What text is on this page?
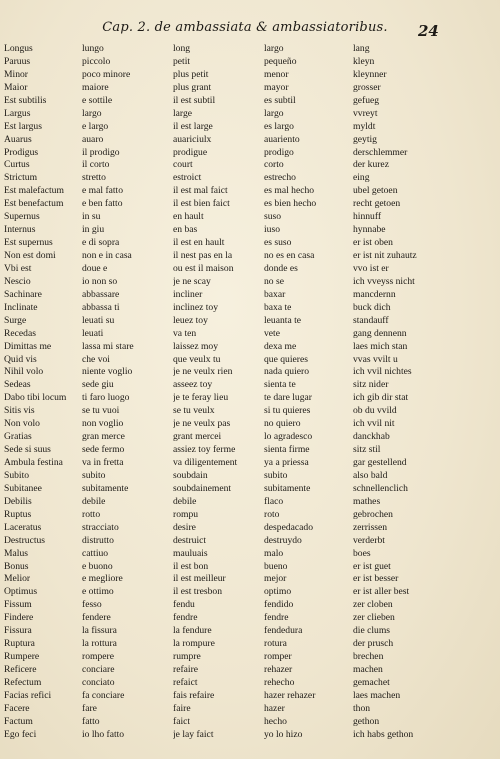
Cap. 2. de ambassiata & ambassiatoribus.	24
Longus	lungo	long	largo	lang
Paruus	piccolo	petit	pequeño	kleyn
Minor	poco minore	plus petit	menor	kleynner
Maior	maiore	plus grant	mayor	grosser
Est subtilis	e sottile	il est subtil	es subtil	gefueg
Largus	largo	large	largo	vvreyt
Est largus	e largo	il est large	es largo	myldt
Auarus	auaro	auariciulx	auariento	geytig
Prodigus	il prodigo	prodigue	prodigo	derschlemmer
Curtus	il corto	court	corto	der kurez
Strictum	stretto	estroict	estrecho	eing
Est malefactum	e mal fatto	il est mal faict	es mal hecho	ubel getoen
Est benefactum	e ben fatto	il est bien faict	es bien hecho	recht getoen
Supernus	in su	en hault	suso	hinnuff
Internus	in giu	en bas	iuso	hynnabe
Est supernus	e di sopra	il est en hault	es suso	er ist oben
Non est domi	non e in casa	il nest pas en la	no es en casa	er ist nit zuhautz
Vbi est	doue e	ou est il maison	donde es	vvo ist er
Nescio	io non so	je ne scay	no se	ich vveyss nicht
Sachinare	abbassare	incliner	baxar	mancdernn
Inclinate	abbassa ti	inclinez toy	baxa te	buck dich
Surge	leuati su	leuez toy	leuanta te	standauff
Recedas	leuati	va ten	vete	gang dennenn
Dimittas me	lassa mi stare	laissez moy	dexa me	laes mich stan
Quid vis	che voi	que veulx tu	que quieres	vvas vvilt u
Nihil volo	niente voglio	je ne veulx rien	nada quiero	ich vvil nichtes
Sedeas	sede giu	asseez toy	sienta te	sitz nider
Dabo tibi locum	ti faro luogo	je te feray lieu	te dare lugar	ich gib dir stat
Sitis vis	se tu vuoi	se tu veulx	si tu quieres	ob du vvild
Non volo	non voglio	je ne veulx pas	no quiero	ich vvil nit
Gratias	gran merce	grant mercei	lo agradesco	danckhab
Sede si suus	sede fermo	assiez toy ferme	sienta firme	sitz stil
Ambula festina	va in fretta	va diligentement	ya a priessa	gar gestellend
Subito	subito	soubdain	subito	also bald
Subitanee	subitamente	soubdainement	subitamente	schnellenclich
Debilis	debile	debile	flaco	mathes
Ruptus	rotto	rompu	roto	gebrochen
Laceratus	stracciato	desire	despedacado	zerrissen
Destructus	distrutto	destruict	destruydo	verderbt
Malus	cattiuo	mauluais	malo	boes
Bonus	e buono	il est bon	bueno	er ist guet
Melior	e megliore	il est meilleur	mejor	er ist besser
Optimus	e ottimo	il est tresbon	optimo	er ist aller best
Fissum	fesso	fendu	fendido	zer cloben
Findere	fendere	fendre	fendre	zer clieben
Fissura	la fissura	la fendure	fendedura	die clums
Ruptura	la rottura	la rompure	rotura	der prusch
Rumpere	rompere	rumpre	romper	brechen
Reficere	conciare	refaire	rehazer	machen
Refectum	conciato	refaict	rehecho	gemachet
Facias refici	fa conciare	fais refaire	hazer rehazer	laes machen
Facere	fare	faire	hazer	thon
Factum	fatto	faict	hecho	gethon
Ego feci	io lho fatto	je lay faict	yo lo hizo	ich habs gethon
